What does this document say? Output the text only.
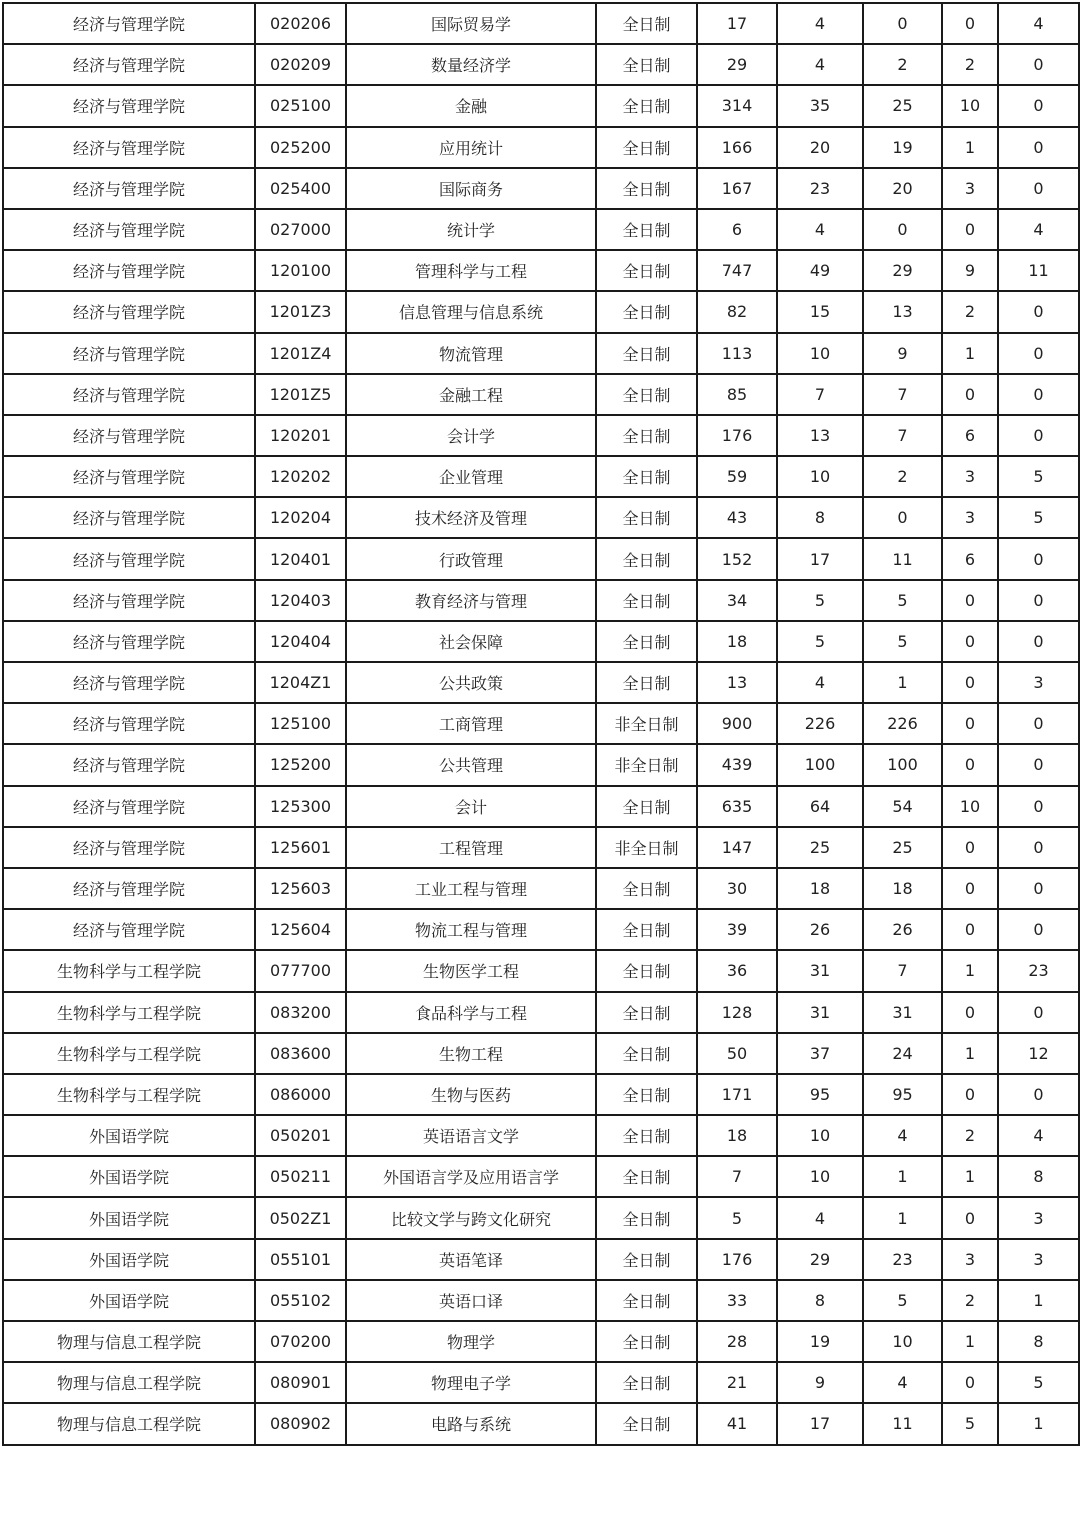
经济与管理学院	020206	国际贸易学	全日制	17	4	0	0	4
经济与管理学院	020209	数量经济学	全日制	29	4	2	2	0
经济与管理学院	025100	金融	全日制	314	35	25	10	0
经济与管理学院	025200	应用统计	全日制	166	20	19	1	0
经济与管理学院	025400	国际商务	全日制	167	23	20	3	0
经济与管理学院	027000	统计学	全日制	6	4	0	0	4
经济与管理学院	120100	管理科学与工程	全日制	747	49	29	9	11
经济与管理学院	1201Z3	信息管理与信息系统	全日制	82	15	13	2	0
经济与管理学院	1201Z4	物流管理	全日制	113	10	9	1	0
经济与管理学院	1201Z5	金融工程	全日制	85	7	7	0	0
经济与管理学院	120201	会计学	全日制	176	13	7	6	0
经济与管理学院	120202	企业管理	全日制	59	10	2	3	5
经济与管理学院	120204	技术经济及管理	全日制	43	8	0	3	5
经济与管理学院	120401	行政管理	全日制	152	17	11	6	0
经济与管理学院	120403	教育经济与管理	全日制	34	5	5	0	0
经济与管理学院	120404	社会保障	全日制	18	5	5	0	0
经济与管理学院	1204Z1	公共政策	全日制	13	4	1	0	3
经济与管理学院	125100	工商管理	非全日制	900	226	226	0	0
经济与管理学院	125200	公共管理	非全日制	439	100	100	0	0
经济与管理学院	125300	会计	全日制	635	64	54	10	0
经济与管理学院	125601	工程管理	非全日制	147	25	25	0	0
经济与管理学院	125603	工业工程与管理	全日制	30	18	18	0	0
经济与管理学院	125604	物流工程与管理	全日制	39	26	26	0	0
生物科学与工程学院	077700	生物医学工程	全日制	36	31	7	1	23
生物科学与工程学院	083200	食品科学与工程	全日制	128	31	31	0	0
生物科学与工程学院	083600	生物工程	全日制	50	37	24	1	12
生物科学与工程学院	086000	生物与医药	全日制	171	95	95	0	0
外国语学院	050201	英语语言文学	全日制	18	10	4	2	4
外国语学院	050211	外国语言学及应用语言学	全日制	7	10	1	1	8
外国语学院	0502Z1	比较文学与跨文化研究	全日制	5	4	1	0	3
外国语学院	055101	英语笔译	全日制	176	29	23	3	3
外国语学院	055102	英语口译	全日制	33	8	5	2	1
物理与信息工程学院	070200	物理学	全日制	28	19	10	1	8
物理与信息工程学院	080901	物理电子学	全日制	21	9	4	0	5
物理与信息工程学院	080902	电路与系统	全日制	41	17	11	5	1
